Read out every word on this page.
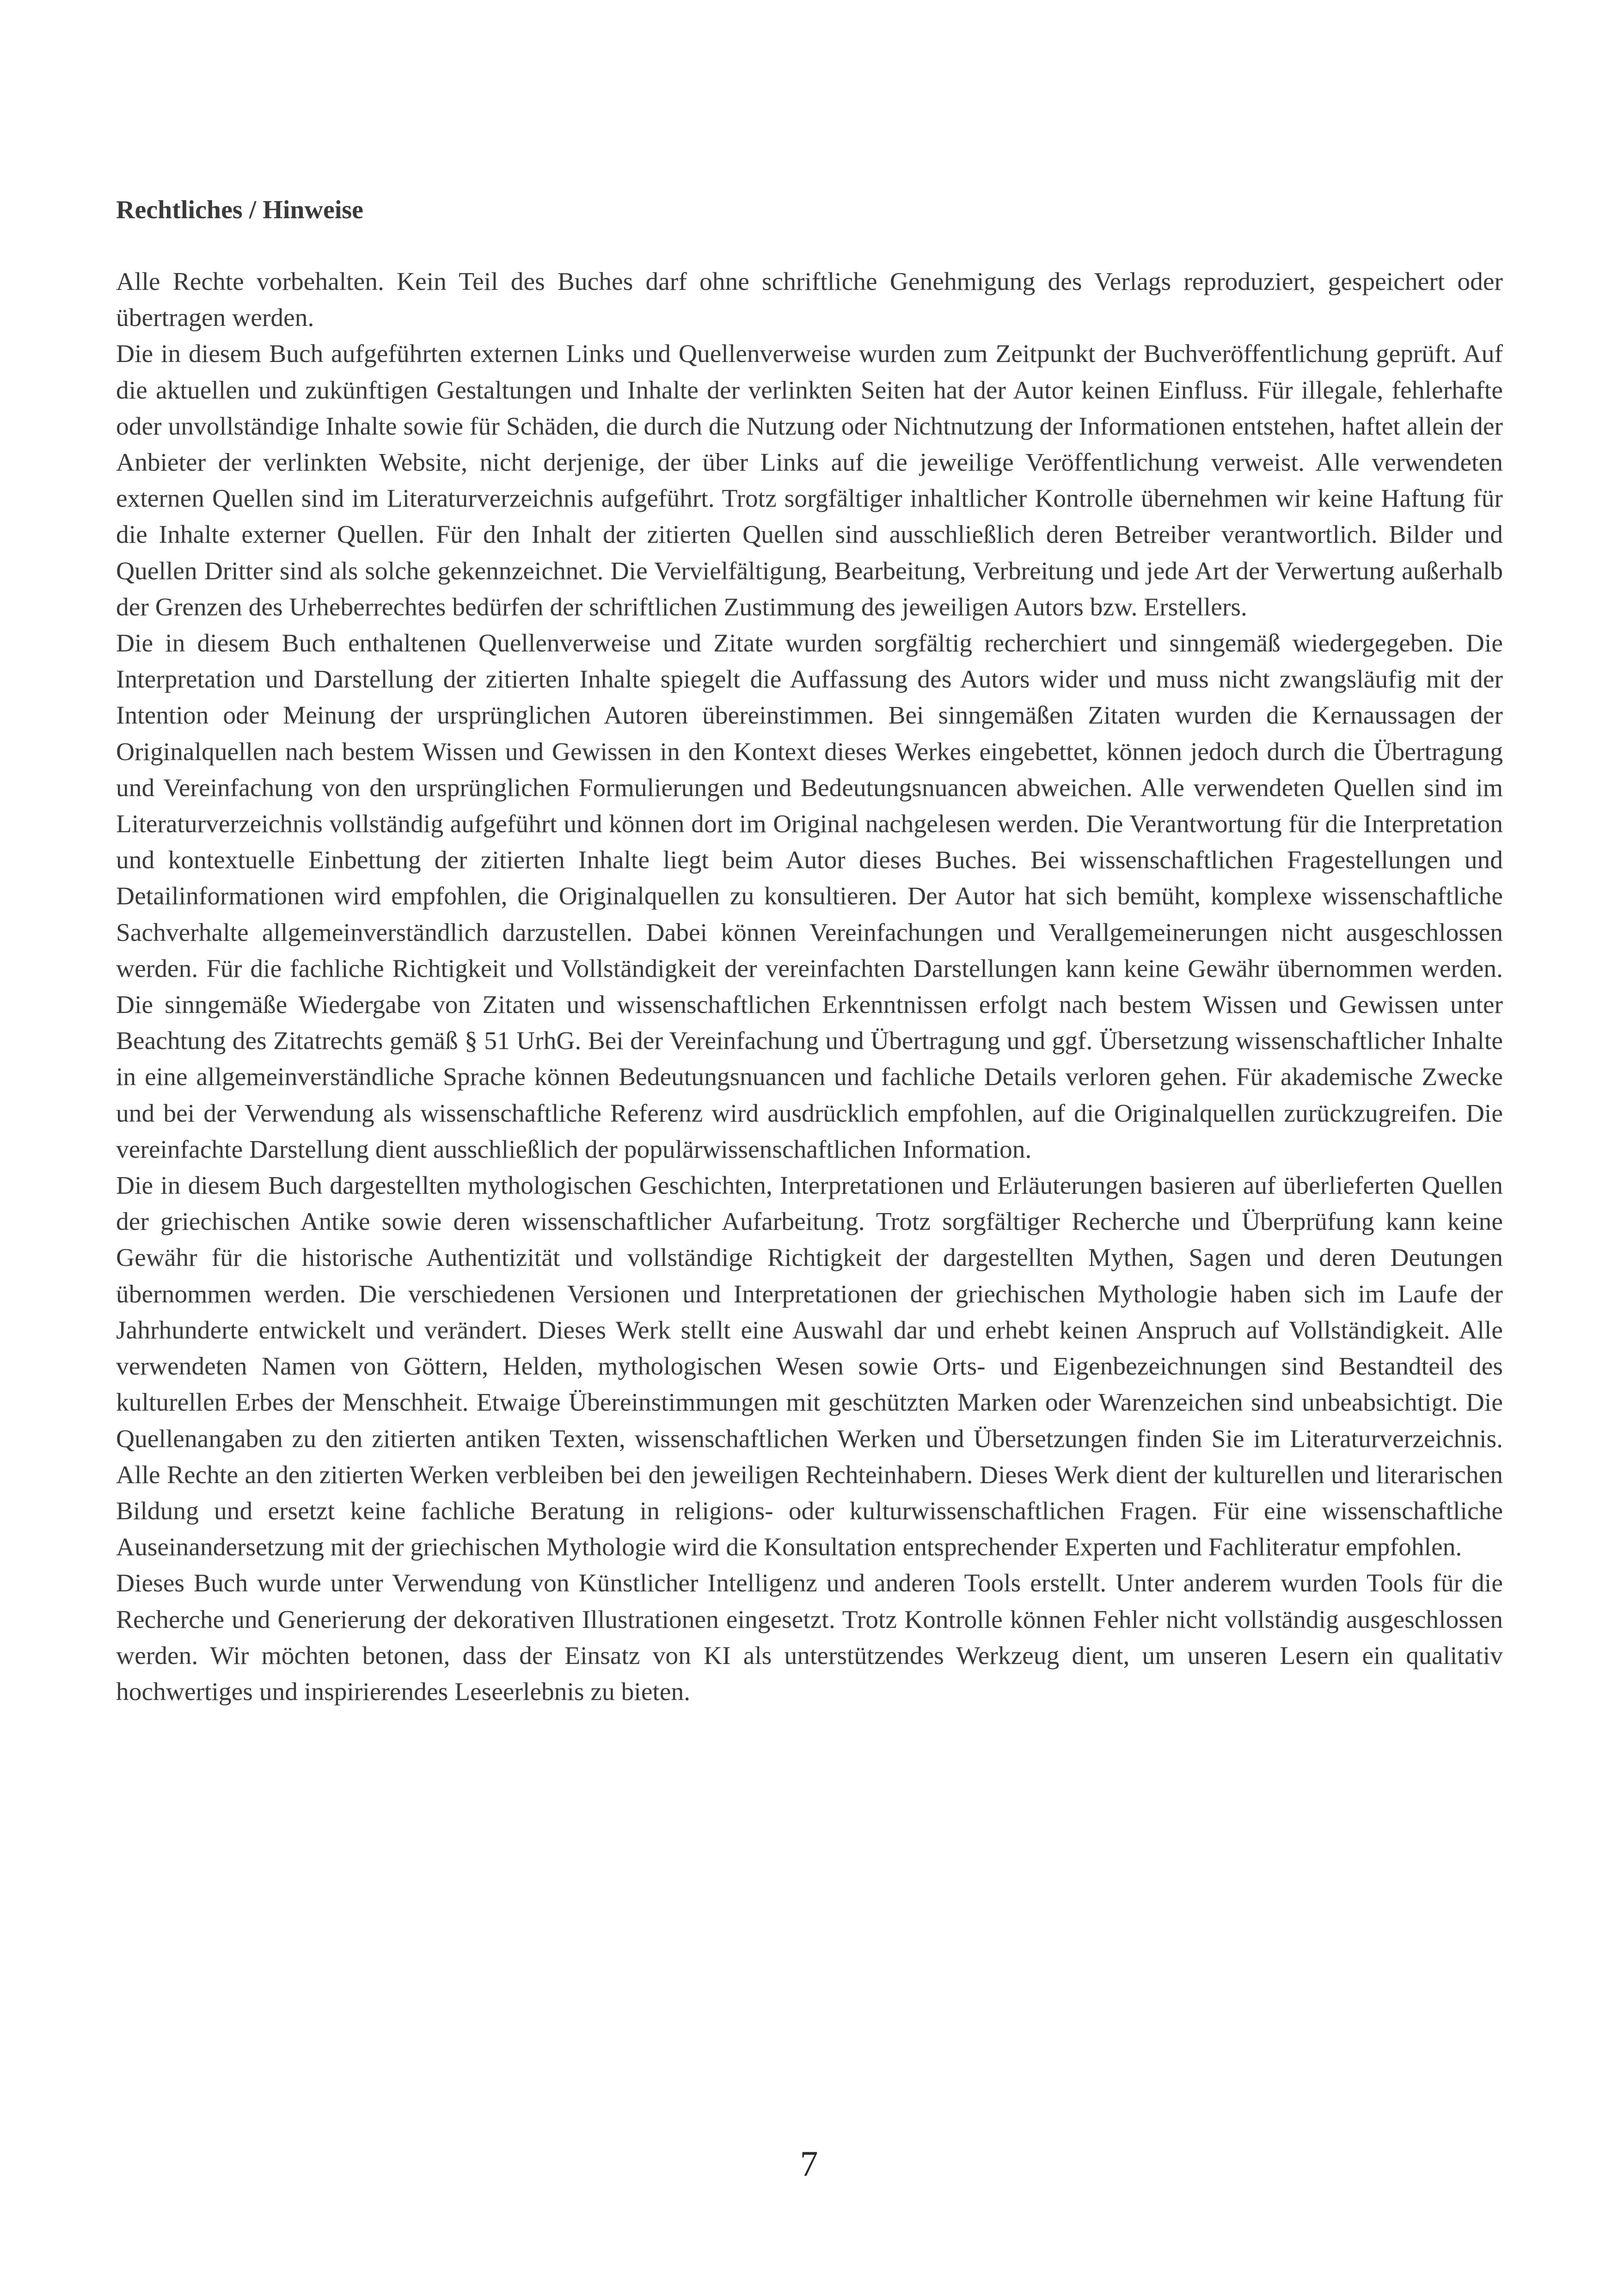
Rechtliches / Hinweise

Alle Rechte vorbehalten. Kein Teil des Buches darf ohne schriftliche Genehmigung des Verlags reproduziert, gespeichert oder übertragen werden.

Die in diesem Buch aufgeführten externen Links und Quellenverweise wurden zum Zeitpunkt der Buchveröffentlichung geprüft. Auf die aktuellen und zukünftigen Gestaltungen und Inhalte der verlinkten Seiten hat der Autor keinen Einfluss. Für illegale, fehlerhafte oder unvollständige Inhalte sowie für Schäden, die durch die Nutzung oder Nichtnutzung der Informationen entstehen, haftet allein der Anbieter der verlinkten Website, nicht derjenige, der über Links auf die jeweilige Veröffentlichung verweist. Alle verwendeten externen Quellen sind im Literaturverzeichnis aufgeführt. Trotz sorgfältiger inhaltlicher Kontrolle übernehmen wir keine Haftung für die Inhalte externer Quellen. Für den Inhalt der zitierten Quellen sind ausschließlich deren Betreiber verantwortlich. Bilder und Quellen Dritter sind als solche gekennzeichnet. Die Vervielfältigung, Bearbeitung, Verbreitung und jede Art der Verwertung außerhalb der Grenzen des Urheberrechtes bedürfen der schriftlichen Zustimmung des jeweiligen Autors bzw. Erstellers.

Die in diesem Buch enthaltenen Quellenverweise und Zitate wurden sorgfältig recherchiert und sinngemäß wiedergegeben. Die Interpretation und Darstellung der zitierten Inhalte spiegelt die Auffassung des Autors wider und muss nicht zwangsläufig mit der Intention oder Meinung der ursprünglichen Autoren übereinstimmen. Bei sinngemäßen Zitaten wurden die Kernaussagen der Originalquellen nach bestem Wissen und Gewissen in den Kontext dieses Werkes eingebettet, können jedoch durch die Übertragung und Vereinfachung von den ursprünglichen Formulierungen und Bedeutungsnuancen abweichen. Alle verwendeten Quellen sind im Literaturverzeichnis vollständig aufgeführt und können dort im Original nachgelesen werden. Die Verantwortung für die Interpretation und kontextuelle Einbettung der zitierten Inhalte liegt beim Autor dieses Buches. Bei wissenschaftlichen Fragestellungen und Detailinformationen wird empfohlen, die Originalquellen zu konsultieren. Der Autor hat sich bemüht, komplexe wissenschaftliche Sachverhalte allgemeinverständlich darzustellen. Dabei können Vereinfachungen und Verallgemeinerungen nicht ausgeschlossen werden. Für die fachliche Richtigkeit und Vollständigkeit der vereinfachten Darstellungen kann keine Gewähr übernommen werden. Die sinngemäße Wiedergabe von Zitaten und wissenschaftlichen Erkenntnissen erfolgt nach bestem Wissen und Gewissen unter Beachtung des Zitatrechts gemäß § 51 UrhG. Bei der Vereinfachung und Übertragung und ggf. Übersetzung wissenschaftlicher Inhalte in eine allgemeinverständliche Sprache können Bedeutungsnuancen und fachliche Details verloren gehen. Für akademische Zwecke und bei der Verwendung als wissenschaftliche Referenz wird ausdrücklich empfohlen, auf die Originalquellen zurückzugreifen. Die vereinfachte Darstellung dient ausschließlich der populärwissenschaftlichen Information.

Die in diesem Buch dargestellten mythologischen Geschichten, Interpretationen und Erläuterungen basieren auf überlieferten Quellen der griechischen Antike sowie deren wissenschaftlicher Aufarbeitung. Trotz sorgfältiger Recherche und Überprüfung kann keine Gewähr für die historische Authentizität und vollständige Richtigkeit der dargestellten Mythen, Sagen und deren Deutungen übernommen werden. Die verschiedenen Versionen und Interpretationen der griechischen Mythologie haben sich im Laufe der Jahrhunderte entwickelt und verändert. Dieses Werk stellt eine Auswahl dar und erhebt keinen Anspruch auf Vollständigkeit. Alle verwendeten Namen von Göttern, Helden, mythologischen Wesen sowie Orts- und Eigenbezeichnungen sind Bestandteil des kulturellen Erbes der Menschheit. Etwaige Übereinstimmungen mit geschützten Marken oder Warenzeichen sind unbeabsichtigt. Die Quellenangaben zu den zitierten antiken Texten, wissenschaftlichen Werken und Übersetzungen finden Sie im Literaturverzeichnis. Alle Rechte an den zitierten Werken verbleiben bei den jeweiligen Rechteinhabern. Dieses Werk dient der kulturellen und literarischen Bildung und ersetzt keine fachliche Beratung in religions- oder kulturwissenschaftlichen Fragen. Für eine wissenschaftliche Auseinandersetzung mit der griechischen Mythologie wird die Konsultation entsprechender Experten und Fachliteratur empfohlen.

Dieses Buch wurde unter Verwendung von Künstlicher Intelligenz und anderen Tools erstellt. Unter anderem wurden Tools für die Recherche und Generierung der dekorativen Illustrationen eingesetzt. Trotz Kontrolle können Fehler nicht vollständig ausgeschlossen werden. Wir möchten betonen, dass der Einsatz von KI als unterstützendes Werkzeug dient, um unseren Lesern ein qualitativ hochwertiges und inspirierendes Leseerlebnis zu bieten.

7
